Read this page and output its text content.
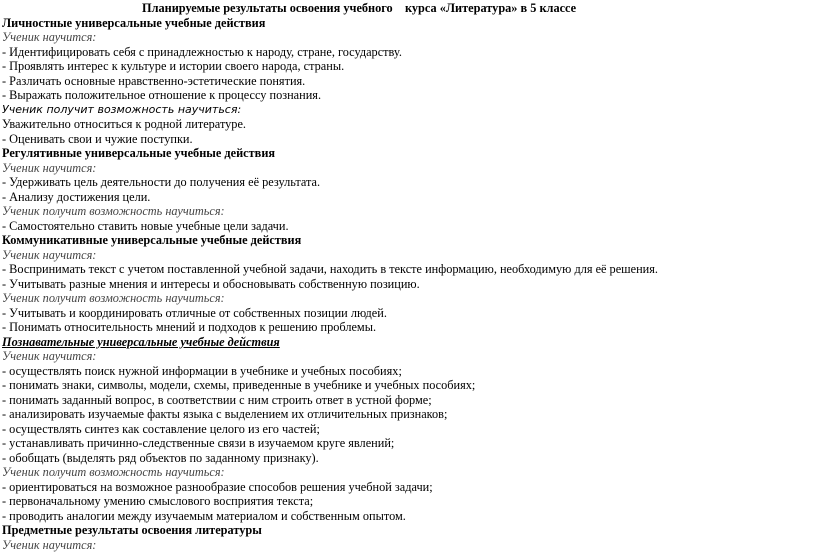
Планируемые результаты освоения учебного    курса «Литература» в 5 классе
Личностные универсальные учебные действия
Ученик научится:
- Идентифицировать себя с принадлежностью к народу, стране, государству.
- Проявлять интерес к культуре и истории своего народа, страны.
- Различать основные нравственно-эстетические понятия.
- Выражать положительное отношение к процессу познания.
Ученик получит возможность научиться:
Уважительно относиться к родной литературе.
- Оценивать свои и чужие поступки.
Регулятивные универсальные учебные действия
Ученик научится:
- Удерживать цель деятельности до получения её результата.
- Анализу достижения цели.
Ученик получит возможность научиться:
- Самостоятельно ставить новые учебные цели задачи.
Коммуникативные универсальные учебные действия
Ученик научится:
- Воспринимать текст с учетом поставленной учебной задачи, находить в тексте информацию, необходимую для её решения.
- Учитывать разные мнения и интересы и обосновывать собственную позицию.
Ученик получит возможность научиться:
- Учитывать и координировать отличные от собственных позиции людей.
- Понимать относительность мнений и подходов к решению проблемы.
Познавательные универсальные учебные действия
Ученик научится:
- осуществлять поиск нужной информации в учебнике и учебных пособиях;
- понимать знаки, символы, модели, схемы, приведенные в учебнике и учебных пособиях;
- понимать заданный вопрос, в соответствии с ним строить ответ в устной форме;
- анализировать изучаемые факты языка с выделением их отличительных признаков;
- осуществлять синтез как составление целого из его частей;
- устанавливать причинно-следственные связи в изучаемом круге явлений;
- обобщать (выделять ряд объектов по заданному признаку).
Ученик получит возможность научиться:
- ориентироваться на возможное разнообразие способов решения учебной задачи;
- первоначальному умению смыслового восприятия текста;
- проводить аналогии между изучаемым материалом и собственным опытом.
Предметные результаты освоения литературы
Ученик научится:
